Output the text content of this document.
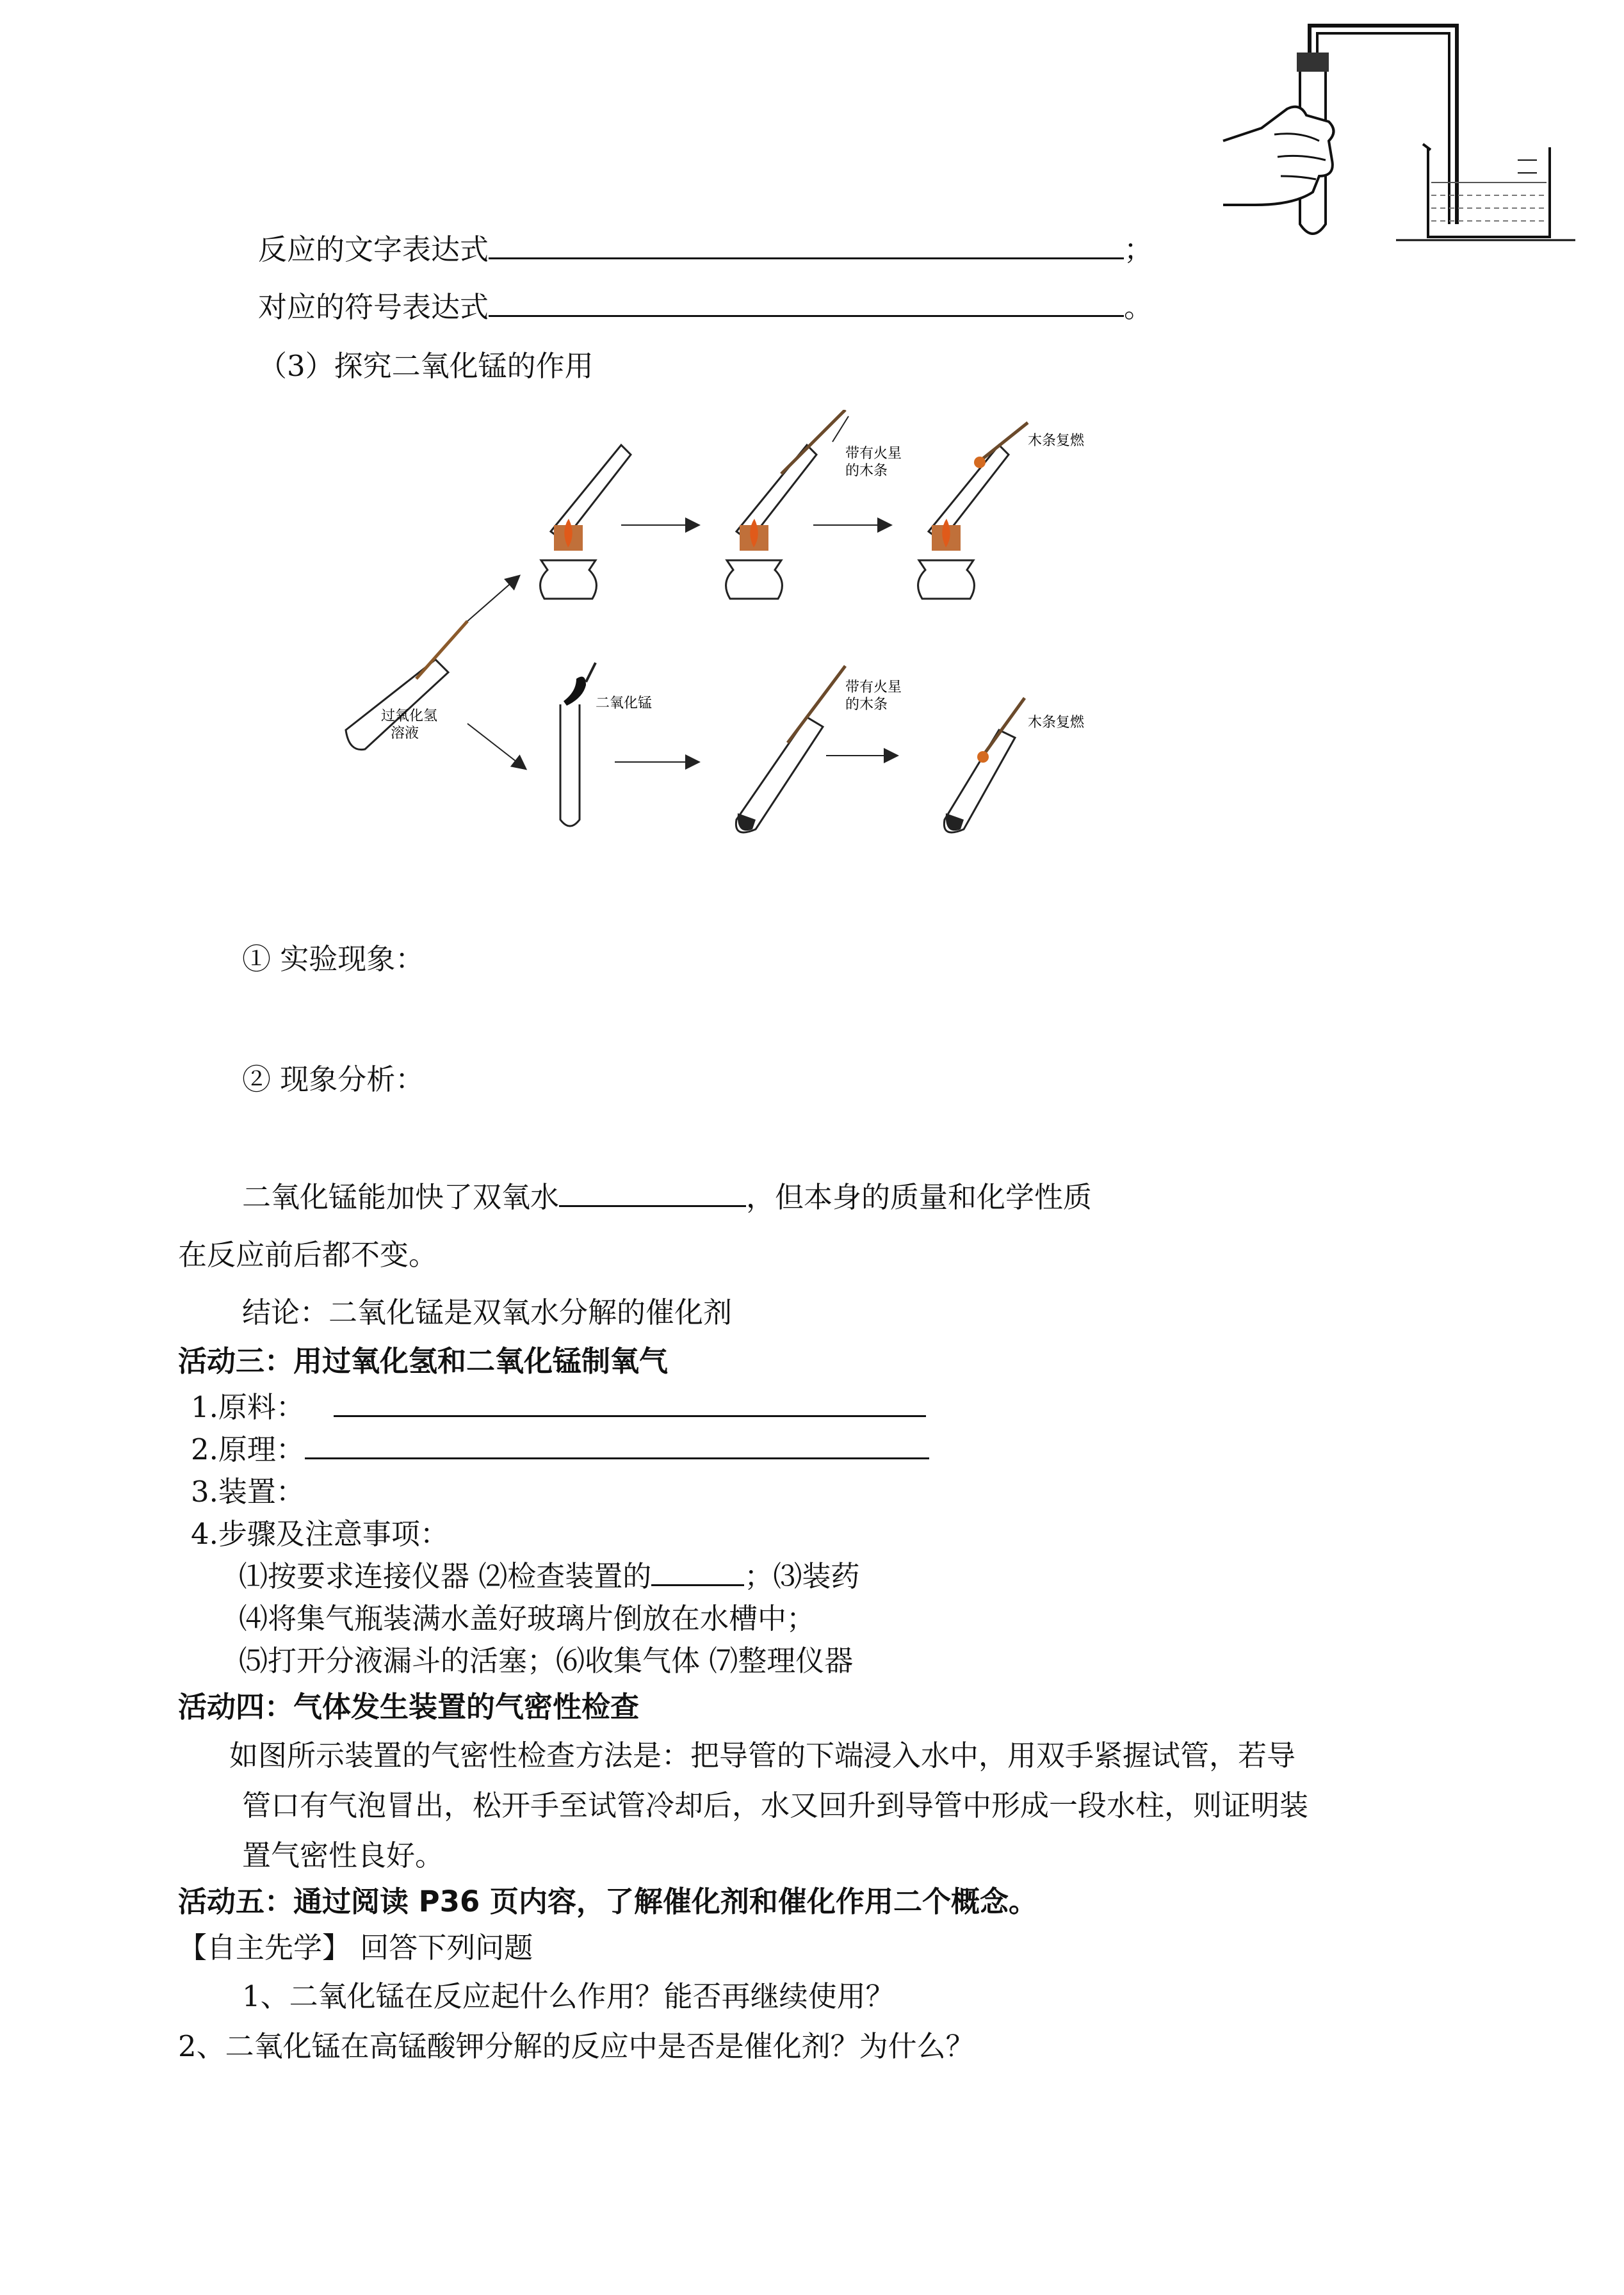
反应的文字表达式	；
对应的符号表达式	。
（3）探究二氧化锰的作用
过氧化氢
溶液
带有火星
的木条
木条复燃
二氧化锰
带有火星
的木条
木条复燃
① 实验现象：
② 现象分析：
二氧化锰能加快了双氧水	，但本身的质量和化学性质
在反应前后都不变。
结论：二氧化锰是双氧水分解的催化剂
活动三：用过氧化氢和二氧化锰制氧气
1.原料：
2.原理：
3.装置：
4.步骤及注意事项：
⑴按要求连接仪器 ⑵检查装置的	；⑶装药
⑷将集气瓶装满水盖好玻璃片倒放在水槽中；
⑸打开分液漏斗的活塞；⑹收集气体 ⑺整理仪器
活动四：气体发生装置的气密性检查
如图所示装置的气密性检查方法是：把导管的下端浸入水中，用双手紧握试管，若导
管口有气泡冒出，松开手至试管冷却后，水又回升到导管中形成一段水柱，则证明装
置气密性良好。
活动五：通过阅读 P36 页内容，了解催化剂和催化作用二个概念。
【自主先学】 回答下列问题
1、二氧化锰在反应起什么作用？能否再继续使用？
2、二氧化锰在高锰酸钾分解的反应中是否是催化剂？为什么？
